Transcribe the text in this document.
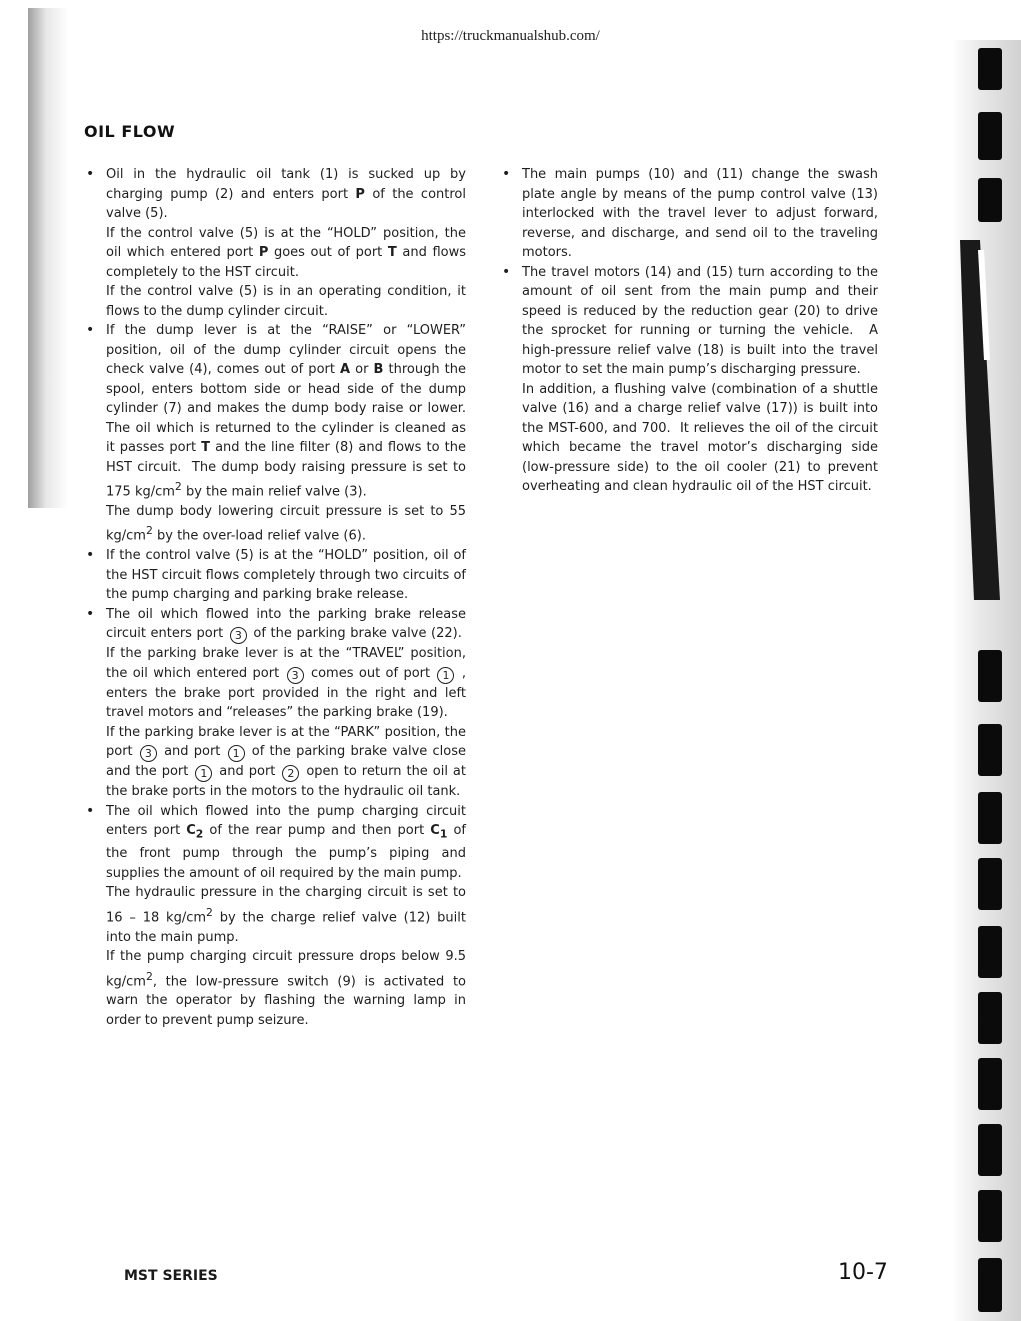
https://truckmanualshub.com/
OIL FLOW
• Oil in the hydraulic oil tank (1) is sucked up by charging pump (2) and enters port P of the control valve (5).

If the control valve (5) is at the “HOLD” position, the oil which entered port P goes out of port T and flows completely to the HST circuit.

If the control valve (5) is in an operating condition, it flows to the dump cylinder circuit.

• If the dump lever is at the “RAISE” or “LOWER” position, oil of the dump cylinder circuit opens the check valve (4), comes out of port A or B through the spool, enters bottom side or head side of the dump cylinder (7) and makes the dump body raise or lower. The oil which is returned to the cylinder is cleaned as it passes port T and the line filter (8) and flows to the HST circuit.  The dump body raising pressure is set to 175 $kg/cm^2$ by the main relief valve (3).

The dump body lowering circuit pressure is set to 55 $kg/cm^2$ by the over-load relief valve (6).

• If the control valve (5) is at the “HOLD” position, oil of the HST circuit flows completely through two circuits of the pump charging and parking brake release.

• The oil which flowed into the parking brake release circuit enters port 3 of the parking brake valve (22).  If the parking brake lever is at the “TRAVEL” position, the oil which entered port 3 comes out of port 1 , enters the brake port provided in the right and left travel motors and “releases” the parking brake (19).

If the parking brake lever is at the “PARK” position, the port 3 and port 1 of the parking brake valve close and the port 1 and port 2 open to return the oil at the brake ports in the motors to the hydraulic oil tank.

• The oil which flowed into the pump charging circuit enters port $C_2$ of the rear pump and then port $C_1$ of the front pump through the pump’s piping and supplies the amount of oil required by the main pump.

The hydraulic pressure in the charging circuit is set to 16 – 18 $kg/cm^2$ by the charge relief valve (12) built into the main pump.

If the pump charging circuit pressure drops below 9.5 $kg/cm^2$, the low-pressure switch (9) is activated to warn the operator by flashing the warning lamp in order to prevent pump seizure.

• The main pumps (10) and (11) change the swash plate angle by means of the pump control valve (13) interlocked with the travel lever to adjust forward, reverse, and discharge, and send oil to the traveling motors.

• The travel motors (14) and (15) turn according to the amount of oil sent from the main pump and their speed is reduced by the reduction gear (20) to drive the sprocket for running or turning the vehicle.  A high-pressure relief valve (18) is built into the travel motor to set the main pump’s discharging pressure.

In addition, a flushing valve (combination of a shuttle valve (16) and a charge relief valve (17)) is built into the MST-600, and 700.  It relieves the oil of the circuit which became the travel motor’s discharging side (low-pressure side) to the oil cooler (21) to prevent overheating and clean hydraulic oil of the HST circuit.

MST SERIES	10-7
